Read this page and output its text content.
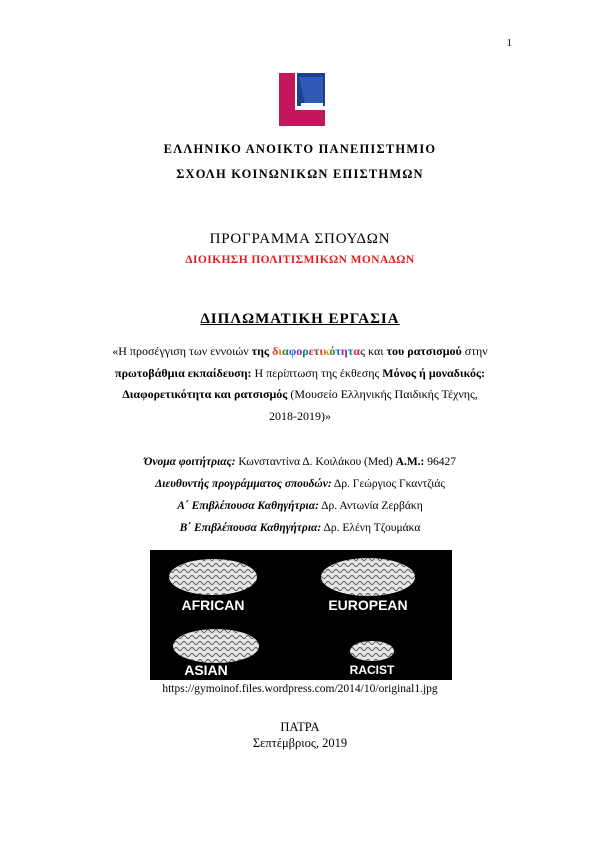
1
ΕΛΛΗΝΙΚΟ ΑΝΟΙΚΤΟ ΠΑΝΕΠΙΣΤΗΜΙΟ
ΣΧΟΛΗ ΚΟΙΝΩΝΙΚΩΝ ΕΠΙΣΤΗΜΩΝ
ΠΡΟΓΡΑΜΜΑ ΣΠΟΥΔΩΝ
ΔΙΟΙΚΗΣΗ ΠΟΛΙΤΙΣΜΙΚΩΝ ΜΟΝΑΔΩΝ
ΔΙΠΛΩΜΑΤΙΚΗ ΕΡΓΑΣΙΑ
«Η προσέγγιση των εννοιών της διαφορετικότητας και του ρατσισμού στην πρωτοβάθμια εκπαίδευση: Η περίπτωση της έκθεσης Μόνος ή μοναδικός: Διαφορετικότητα και ρατσισμός (Μουσείο Ελληνικής Παιδικής Τέχνης, 2018-2019)»
Όνομα φοιτήτριας: Κωνσταντίνα Δ. Κοιλάκου (Med) Α.Μ.: 96427
Διευθυντής προγράμματος σπουδών: Δρ. Γεώργιος Γκαντζιάς
Α΄ Επιβλέπουσα Καθηγήτρια: Δρ. Αντωνία Ζερβάκη
Β΄ Επιβλέπουσα Καθηγήτρια: Δρ. Ελένη Τζουμάκα
AFRICAN	EUROPEAN
ASIAN	RACIST
https://gymoinof.files.wordpress.com/2014/10/original1.jpg
ΠΑΤΡΑ
Σεπτέμβριος, 2019
